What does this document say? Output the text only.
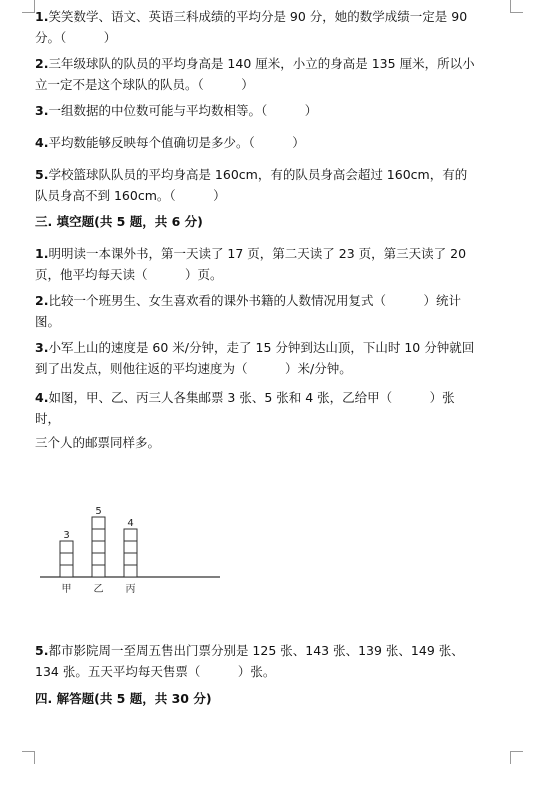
1.笑笑数学、语文、英语三科成绩的平均分是 90 分，她的数学成绩一定是 90 分。（　　　）

2.三年级球队的队员的平均身高是 140 厘米，小立的身高是 135 厘米，所以小立一定不是这个球队的队员。（　　　）

3.一组数据的中位数可能与平均数相等。（　　　）

4.平均数能够反映每个值确切是多少。（　　　）

5.学校篮球队队员的平均身高是 160cm，有的队员身高会超过 160cm，有的队员身高不到 160cm。（　　　）

三. 填空题(共 5 题，共 6 分)

1.明明读一本课外书，第一天读了 17 页，第二天读了 23 页，第三天读了 20 页，他平均每天读（　　　）页。

2.比较一个班男生、女生喜欢看的课外书籍的人数情况用复式（　　　）统计图。

3.小军上山的速度是 60 米/分钟，走了 15 分钟到达山顶，下山时 10 分钟就回到了出发点，则他往返的平均速度为（　　　）米/分钟。

4.如图，甲、乙、丙三人各集邮票 3 张、5 张和 4 张，乙给甲（　　　）张时，

三个人的邮票同样多。

3
甲
5
乙
4
丙

5.都市影院周一至周五售出门票分别是 125 张、143 张、139 张、149 张、134 张。五天平均每天售票（　　　）张。

四. 解答题(共 5 题，共 30 分)
